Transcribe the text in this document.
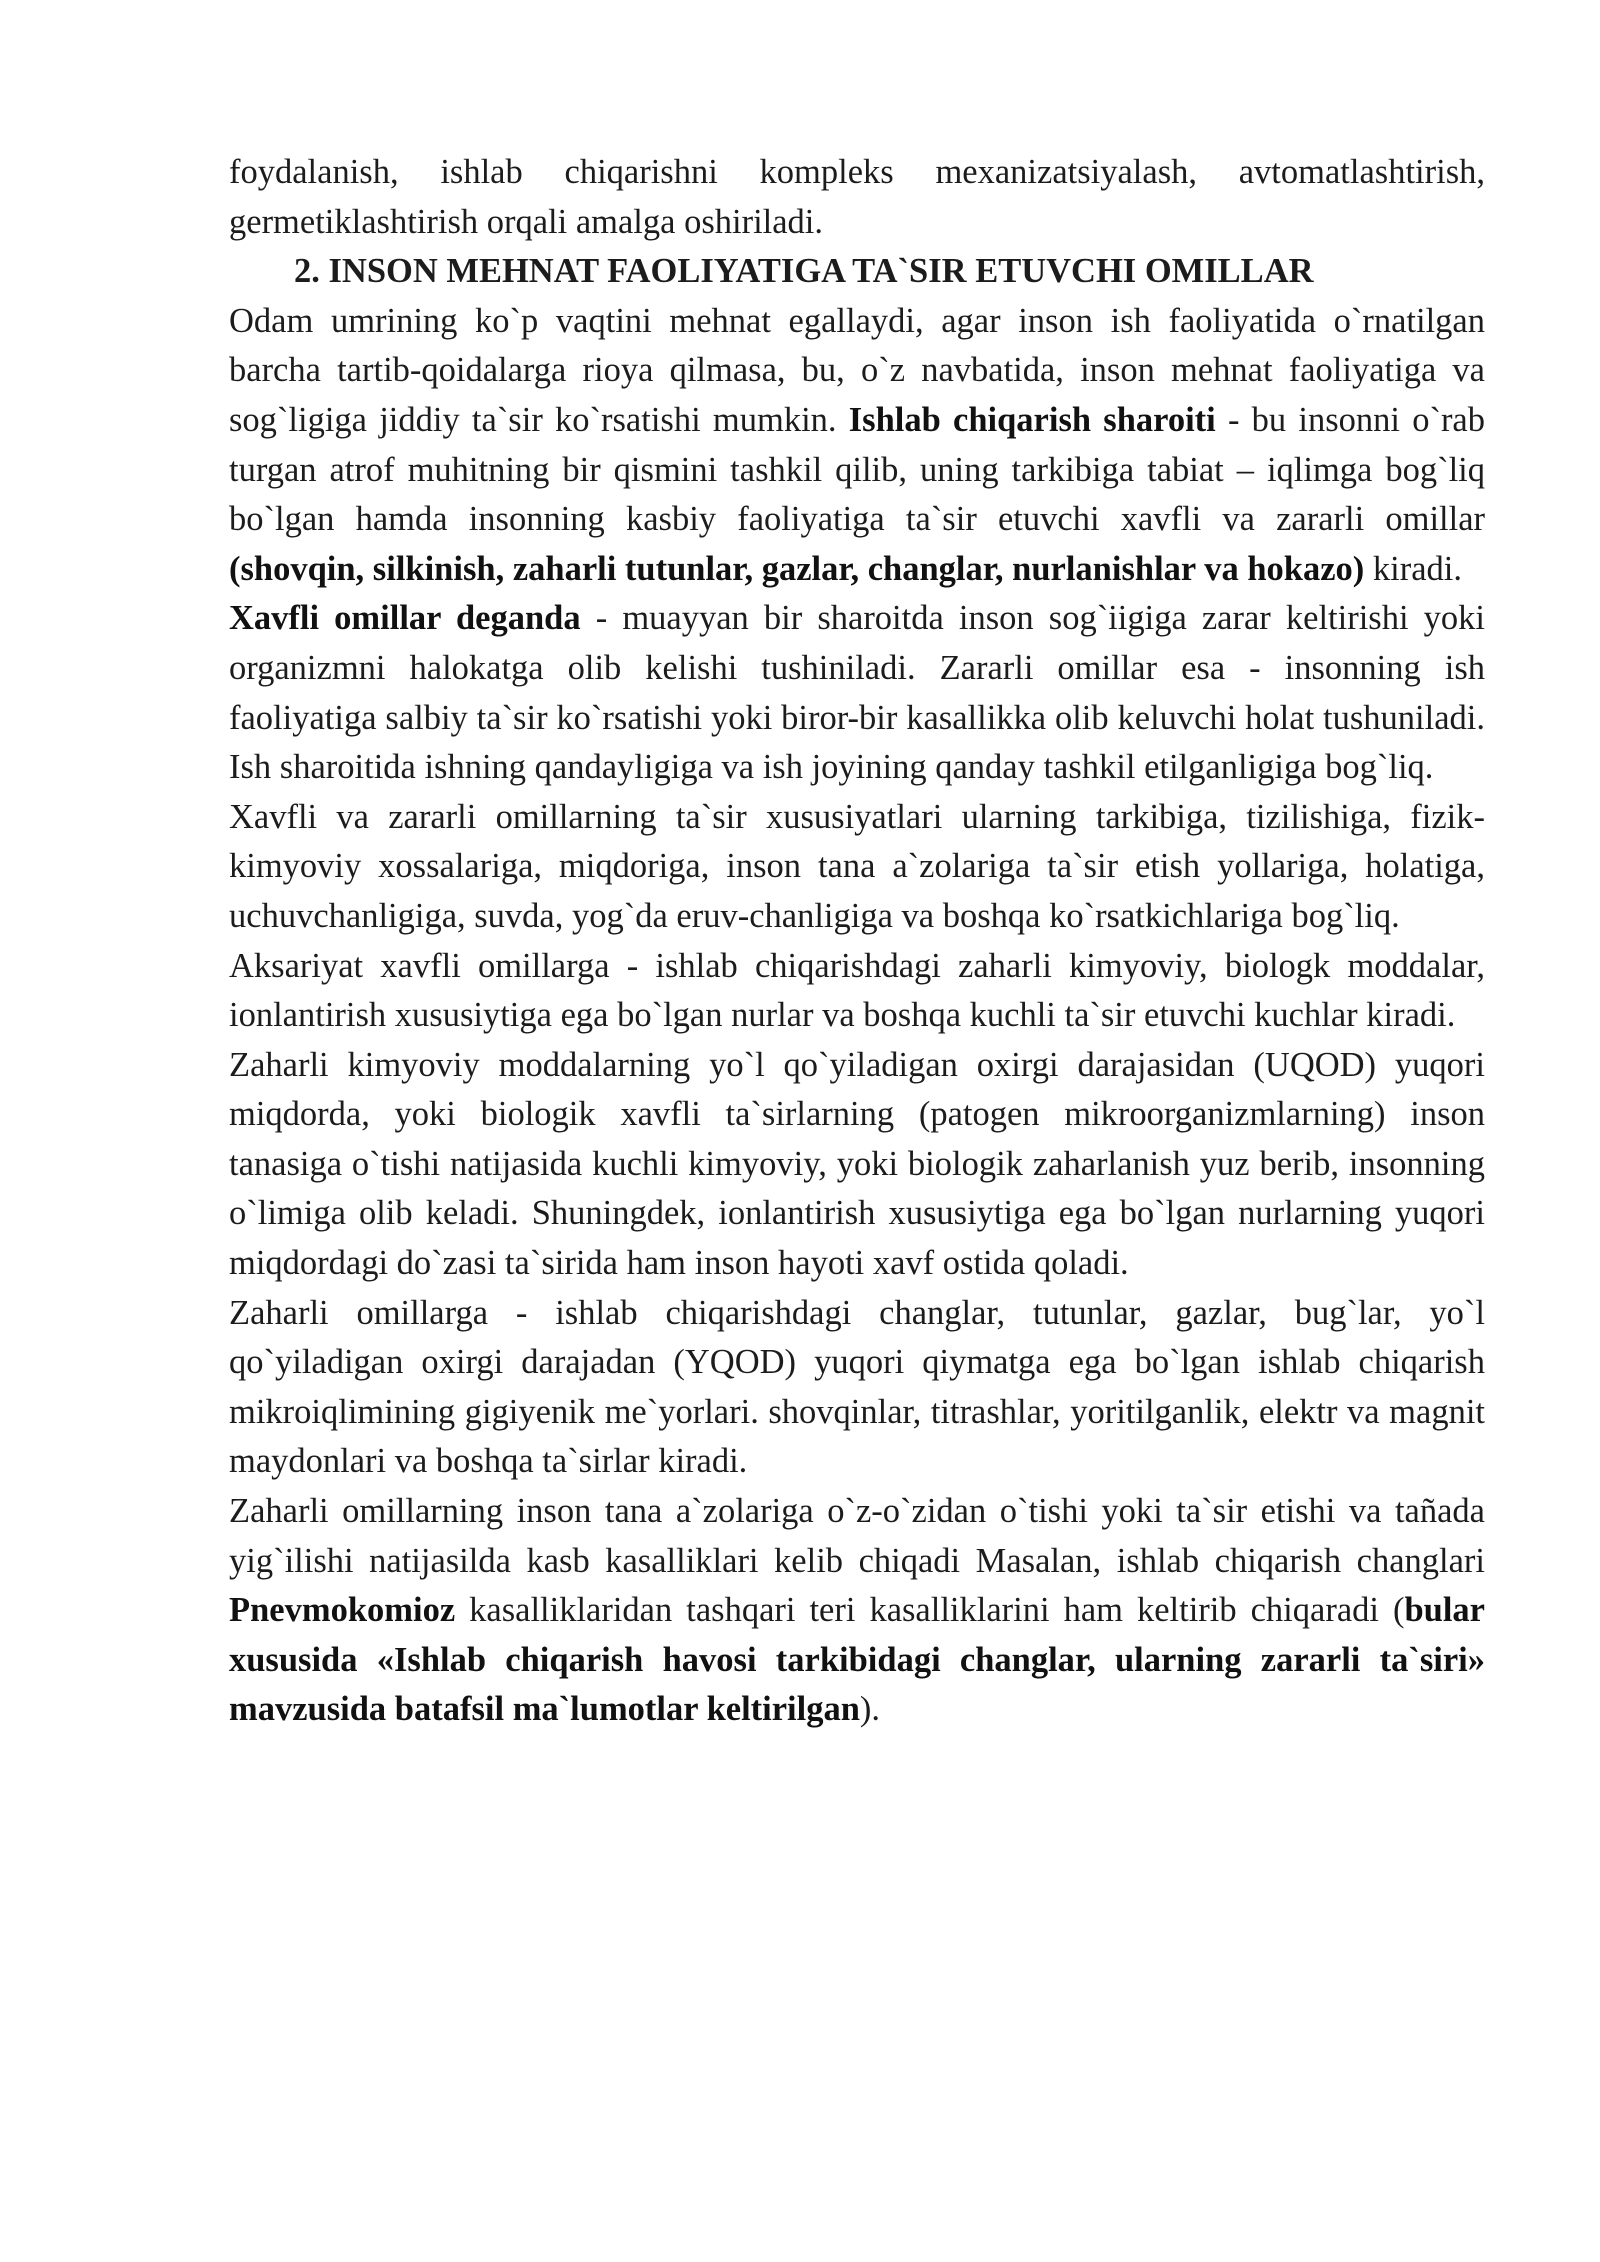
foydalanish, ishlab chiqarishni kompleks mexanizatsiyalash, avtomatlashtirish, germetiklashtirish orqali amalga oshiriladi.

2. INSON MEHNAT FAOLIYATIGA TA`SIR ETUVCHI OMILLAR

Odam umrining ko`p vaqtini mehnat egallaydi, agar inson ish faoliyatida o`rnatilgan barcha tartib-qoidalarga rioya qilmasa, bu, o`z navbatida, inson mehnat faoliyatiga va sog`ligiga jiddiy ta`sir ko`rsatishi mumkin. Ishlab chiqarish sharoiti - bu insonni o`rab turgan atrof muhitning bir qismini tashkil qilib, uning tarkibiga tabiat – iqlimga bog`liq bo`lgan hamda insonning kasbiy faoliyatiga ta`sir etuvchi xavfli va zararli omillar (shovqin, silkinish, zaharli tutunlar, gazlar, changlar, nurlanishlar va hokazo) kiradi.

Xavfli omillar deganda - muayyan bir sharoitda inson sog`iigiga zarar keltirishi yoki organizmni halokatga olib kelishi tushiniladi. Zararli omillar esa - insonning ish faoliyatiga salbiy ta`sir ko`rsatishi yoki biror-bir kasallikka olib keluvchi holat tushuniladi. Ish sharoitida ishning qandayligiga va ish joyining qanday tashkil etilganligiga bog`liq.

Xavfli va zararli omillarning ta`sir xususiyatlari ularning tarkibiga, tizilishiga, fizik-kimyoviy xossalariga, miqdoriga, inson tana a`zolariga ta`sir etish yollariga, holatiga, uchuvchanligiga, suvda, yog`da eruv-chanligiga va boshqa ko`rsatkichlariga bog`liq.

Aksariyat xavfli omillarga - ishlab chiqarishdagi zaharli kimyoviy, biologk moddalar, ionlantirish xususiytiga ega bo`lgan nurlar va boshqa kuchli ta`sir etuvchi kuchlar kiradi.

Zaharli kimyoviy moddalarning yo`l qo`yiladigan oxirgi darajasidan (UQOD) yuqori miqdorda, yoki biologik xavfli ta`sirlarning (patogen mikroorganizmlarning) inson tanasiga o`tishi natijasida kuchli kimyoviy, yoki biologik zaharlanish yuz berib, insonning o`limiga olib keladi. Shuningdek, ionlantirish xususiytiga ega bo`lgan nurlarning yuqori miqdordagi do`zasi ta`sirida ham inson hayoti xavf ostida qoladi.

Zaharli omillarga - ishlab chiqarishdagi changlar, tutunlar, gazlar, bug`lar, yo`l qo`yiladigan oxirgi darajadan (YQOD) yuqori qiymatga ega bo`lgan ishlab chiqarish mikroiqlimining gigiyenik me`yorlari. shovqinlar, titrashlar, yoritilganlik, elektr va magnit maydonlari va boshqa ta`sirlar kiradi.

Zaharli omillarning inson tana a`zolariga o`z-o`zidan o`tishi yoki ta`sir etishi va tañada yig`ilishi natijasilda kasb kasalliklari kelib chiqadi Masalan, ishlab chiqarish changlari Pnevmokomioz kasalliklaridan tashqari teri kasalliklarini ham keltirib chiqaradi (bular xususida «Ishlab chiqarish havosi tarkibidagi changlar, ularning zararli ta`siri» mavzusida batafsil ma`lumotlar keltirilgan).
